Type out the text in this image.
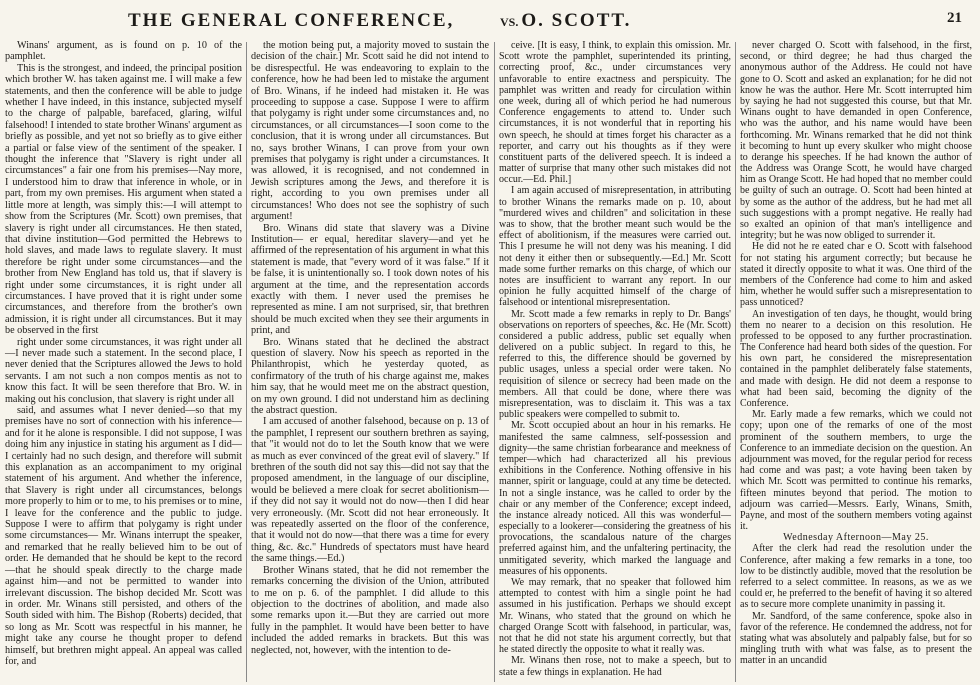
THE GENERAL CONFERENCE,	VS. O. SCOTT.	21

Winans' argument, as is found on p. 10 of the pamphlet.

This is the strongest, and indeed, the principal position which brother W. has taken against me. I will make a few statements, and then the conference will be able to judge whether I have indeed, in this instance, subjected myself to the charge of palpable, barefaced, glaring, wilful falsehood! I intended to state brother Winans' argument as briefly as possible, and yet not so briefly as to give either a partial or false view of the sentiment of the speaker. I thought the inference that "Slavery is right under all circumstances" a fair one from his premises—Nay more, I understood him to draw that inference in whole, or in part, from my own premises. His argument when stated a little more at length, was simply this:—I will attempt to show from the Scriptures (Mr. Scott) own premises, that slavery is right under all circumstances. He then stated, that divine institution—God permitted the Hebrews to hold slaves, and made laws to regulate slavery. It must therefore be right under some circumstances—and the brother from New England has told us, that if slavery is right under some circumstances, it is right under all circumstances. I have proved that it is right under some circumstances, and therefore from the brother's own admission, it is right under all circumstances. But it may be observed in the first

right under some circumstances, it was right under all—I never made such a statement. In the second place, I never denied that the Scriptures allowed the Jews to hold servants. I am not such a non compos mentis as not to know this fact. It will be seen therefore that Bro. W. in making out his conclusion, that slavery is right under all

said, and assumes what I never denied—so that my premises have no sort of connection with his inference—and for it he alone is responsible. I did not suppose, I was doing him any injustice in stating his argument as I did—I certainly had no such design, and therefore will submit this explanation as an accompaniment to my original statement of his argument. And whether the inference, that Slavery is right under all circumstances, belongs more properly to him or to me, to his premises or to mine, I leave for the conference and the public to judge. Suppose I were to affirm that polygamy is right under some circumstances— Mr. Winans interrupt the speaker, and remarked that he really believed him to be out of order. He demanded that he should be kept to the record—that he should speak directly to the charge made against him—and not be permitted to wander into irrelevant discussion. The bishop decided Mr. Scott was in order. Mr. Winans still persisted, and others of the South sided with him. The Bishop (Roberts) decided, that so long as Mr. Scott was respectful in his manner, he might take any course he thought proper to defend himself, but brethren might appeal. An appeal was called for, and

the motion being put, a majority moved to sustain the decision of the chair.] Mr. Scott said he did not intend to be disrespectful. He was endeavoring to explain to the conference, how he had been led to mistake the argument of Bro. Winans, if he indeed had mistaken it. He was proceeding to suppose a case. Suppose I were to affirm that polygamy is right under some circumstances and, no circumstances, or all circumstances—I soon come to the conclusion, that it is wrong under all circumstances. But no, says brother Winans, I can prove from your own premises that polygamy is right under a circumstances. It was allowed, it is recognised, and not condemned in Jewish scriptures among the Jews, and therefore it is right, according to you own premises under all circumstances! Who does not see the sophistry of such argument!

Bro. Winans did state that slavery was a Divine Institution— er equal, hereditar slavery—and yet he affirmed of the representation of his argument in what this statement is made, that "every word of it was false." If it be false, it is unintentionally so. I took down notes of his argument at the time, and the representation accords exactly with them. I never used the premises he represented as mine. I am not surprised, sir, that brethren should be much excited when they see their arguments in print, and

Bro. Winans stated that he declined the abstract question of slavery. Now his speech as reported in the Philanthropist, which he yesterday quoted, as confirmatory of the truth of his charge against me, makes him say, that he would meet me on the abstract question, on my own ground. I did not understand him as declining the abstract question.

I am accused of another falsehood, because on p. 13 of the pamphlet, I represent our southern brethren as saying, that "it would not do to let the South know that we were as much as ever convinced of the great evil of slavery." If brethren of the south did not say this—did not say that the proposed amendment, in the language of our discipline, would be believed a mere cloak for secret abolitionism—if they did not say it would not do now—then I did hear very erroneously. (Mr. Scott did not hear erroneously. It was repeatedly asserted on the floor of the conference, that it would not do now—that there was a time for every thing, &c. &c." Hundreds of spectators must have heard the same things.—Ed.)

Brother Winans stated, that he did not remember the remarks concerning the division of the Union, attributed to me on p. 6. of the pamphlet. I did allude to this objection to the doctrines of abolition, and made also some remarks upon it.—But they are carried out more fully in the pamphlet. It would have been better to have included the added remarks in brackets. But this was neglected, not, however, with the intention to de-

ceive. [It is easy, I think, to explain this omission. Mr. Scott wrote the pamphlet, superintended its printing, correcting proof, &c., under circumstances very unfavorable to entire exactness and perspicuity. The pamphlet was written and ready for circulation within one week, during all of which period he had numerous Conference engagements to attend to. Under such circumstances, it is not wonderful that in reporting his own speech, he should at times forget his character as a reporter, and carry out his thoughts as if they were constituent parts of the delivered speech. It is indeed a matter of surprise that many other such mistakes did not occur.—Ed. Phil.]

I am again accused of misrepresentation, in attributing to brother Winans the remarks made on p. 10, about "murdered wives and children" and solicitation in these was to show, that the brother meant such would be the effect of abolitionism, if the measures were carried out. This I presume he will not deny was his meaning. I did not deny it either then or subsequently.—Ed.] Mr. Scott made some further remarks on this charge, of which our notes are insufficient to warrant any report. In our opinion he fully acquitted himself of the charge of falsehood or intentional misrepresentation.

Mr. Scott made a few remarks in reply to Dr. Bangs' observations on reporters of speeches, &c. He (Mr. Scott) considered a public address, public set equally when delivered on a public subject. In regard to this, he referred to this, the difference should be governed by public usages, unless a special order were taken. No requisition of silence or secrecy had been made on the members. All that could be done, where there was misrepresentation, was to disclaim it. This was a tax public speakers were compelled to submit to.

Mr. Scott occupied about an hour in his remarks. He manifested the same calmness, self-possession and dignity—the same christian forbearance and meekness of temper—which had characterized all his previous exhibitions in the Conference. Nothing offensive in his manner, spirit or language, could at any time be detected. In not a single instance, was he called to order by the chair or any member of the Conference; except indeed, the instance already noticed. All this was wonderful—especially to a lookerer—considering the greatness of his provocations, the scandalous nature of the charges preferred against him, and the unfaltering pertinacity, the unmitigated severity, which marked the language and measures of his opponents.

We may remark, that no speaker that followed him attempted to contest with him a single point he had assumed in his justification. Perhaps we should except Mr. Winans, who stated that the ground on which he charged Orange Scott with falsehood, in particular, was, not that he did not state his argument correctly, but that he stated directly the opposite to what it really was.

Mr. Winans then rose, not to make a speech, but to state a few things in explanation. He had

never charged O. Scott with falsehood, in the first, second, or third degree; he had thus charged the anonymous author of the Address. He could not have gone to O. Scott and asked an explanation; for he did not know he was the author. Here Mr. Scott interrupted him by saying he had not suggested this course, but that Mr. Winans ought to have demanded in open Conference, who was the author, and his name would have been forthcoming. Mr. Winans remarked that he did not think it becoming to hunt up every skulker who might choose to derange his speeches. If he had known the author of the Address was Orange Scott, he would have charged him as Orange Scott. He had hoped that no member could be guilty of such an outrage. O. Scott had been hinted at by some as the author of the address, but he had met all such suggestions with a prompt negative. He really had so exalted an opinion of that man's intelligence and integrity; but he was now obliged to surrender it.

He did not he re eated char e O. Scott with falsehood for not stating his argument correctly; but because he stated it directly opposite to what it was. One third of the members of the Conference had come to him and asked him, whether he would suffer such a misrepresentation to pass unnoticed?

An investigation of ten days, he thought, would bring them no nearer to a decision on this resolution. He professed to be opposed to any further procrastination. The Conference had heard both sides of the question. For his own part, he considered the misrepresentation contained in the pamphlet deliberately false statements, and made with design. He did not deem a response to what had been said, becoming the dignity of the Conference.

Mr. Early made a few remarks, which we could not copy; upon one of the remarks of one of the most prominent of the southern members, to urge the Conference to an immediate decision on the question. An adjournment was moved, for the regular period for recess had come and was past; a vote having been taken by which Mr. Scott was permitted to continue his remarks, fifteen minutes beyond that period. The motion to adjourn was carried—Messrs. Early, Winans, Smith, Payne, and most of the southern members voting against it.

Wednesday Afternoon—May 25.

After the clerk had read the resolution under the Conference, after making a few remarks in a tone, too low to be distinctly audible, moved that the resolution be referred to a select committee. In reasons, as we as we could er, he preferred to the benefit of having it so altered as to secure more complete unanimity in passing it.

Mr. Sandford, of the same conference, spoke also in favor of the reference. He condemned the address, not for stating what was absolutely and palpably false, but for so mingling truth with what was false, as to present the matter in an uncandid
